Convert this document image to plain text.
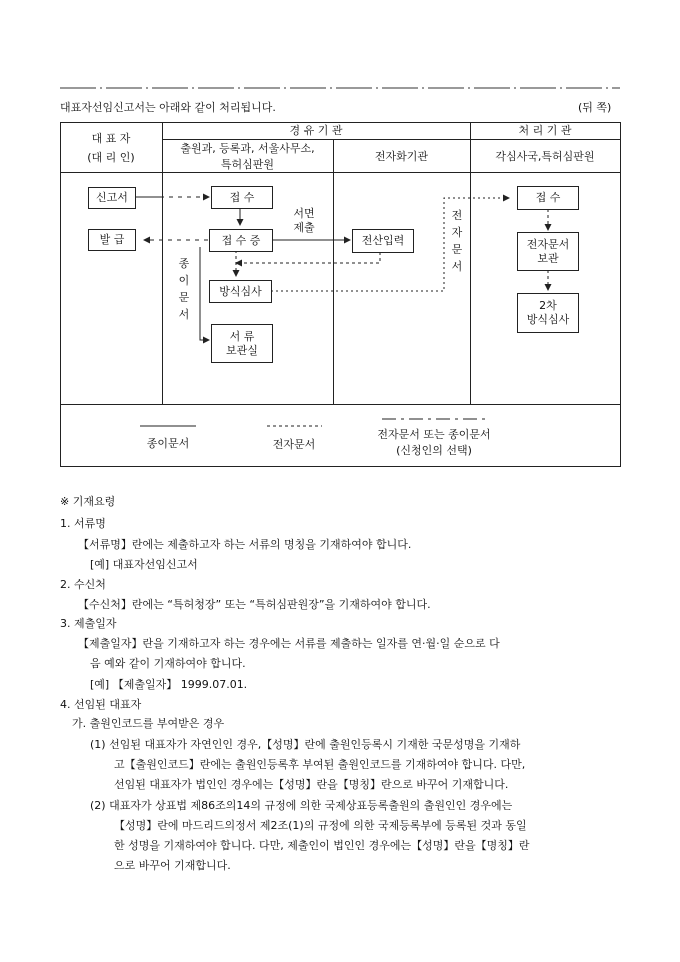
대표자선임신고서는 아래와 같이 처리됩니다.	(뒤 쪽)
대 표 자
(대 리 인)
경 유 기 관	처 리 기 관
출원과, 등록과, 서울사무소,
특허심판원
전자화기관	각심사국,특허심판원
신고서
발 급
접 수
접 수 증
방식심사
서 류
보관실
전산입력
접 수
전자문서
보관
2차
방식심사
서면
제출
종 이 문 서
전 자 문 서
종이문서	전자문서
전자문서 또는 종이문서
(신청인의 선택)
※ 기재요령
1. 서류명
【서류명】란에는 제출하고자 하는 서류의 명칭을 기재하여야 합니다.
[예] 대표자선임신고서
2. 수신처
【수신처】란에는 “특허청장” 또는 “특허심판원장”을 기재하여야 합니다.
3. 제출일자
【제출일자】란을 기재하고자 하는 경우에는 서류를 제출하는 일자를 연·월·일 순으로 다
음 예와 같이 기재하여야 합니다.
[예] 【제출일자】 1999.07.01.
4. 선임된 대표자
가. 출원인코드를 부여받은 경우
(1) 선임된 대표자가 자연인인 경우,【성명】란에 출원인등록시 기재한 국문성명을 기재하
고【출원인코드】란에는 출원인등록후 부여된 출원인코드를 기재하여야 합니다. 다만,
선임된 대표자가 법인인 경우에는【성명】란을【명칭】란으로 바꾸어 기재합니다.
(2) 대표자가 상표법 제86조의14의 규정에 의한 국제상표등록출원의 출원인인 경우에는
【성명】란에 마드리드의정서 제2조(1)의 규정에 의한 국제등록부에 등록된 것과 동일
한 성명을 기재하여야 합니다. 다만, 제출인이 법인인 경우에는【성명】란을【명칭】란
으로 바꾸어 기재합니다.
